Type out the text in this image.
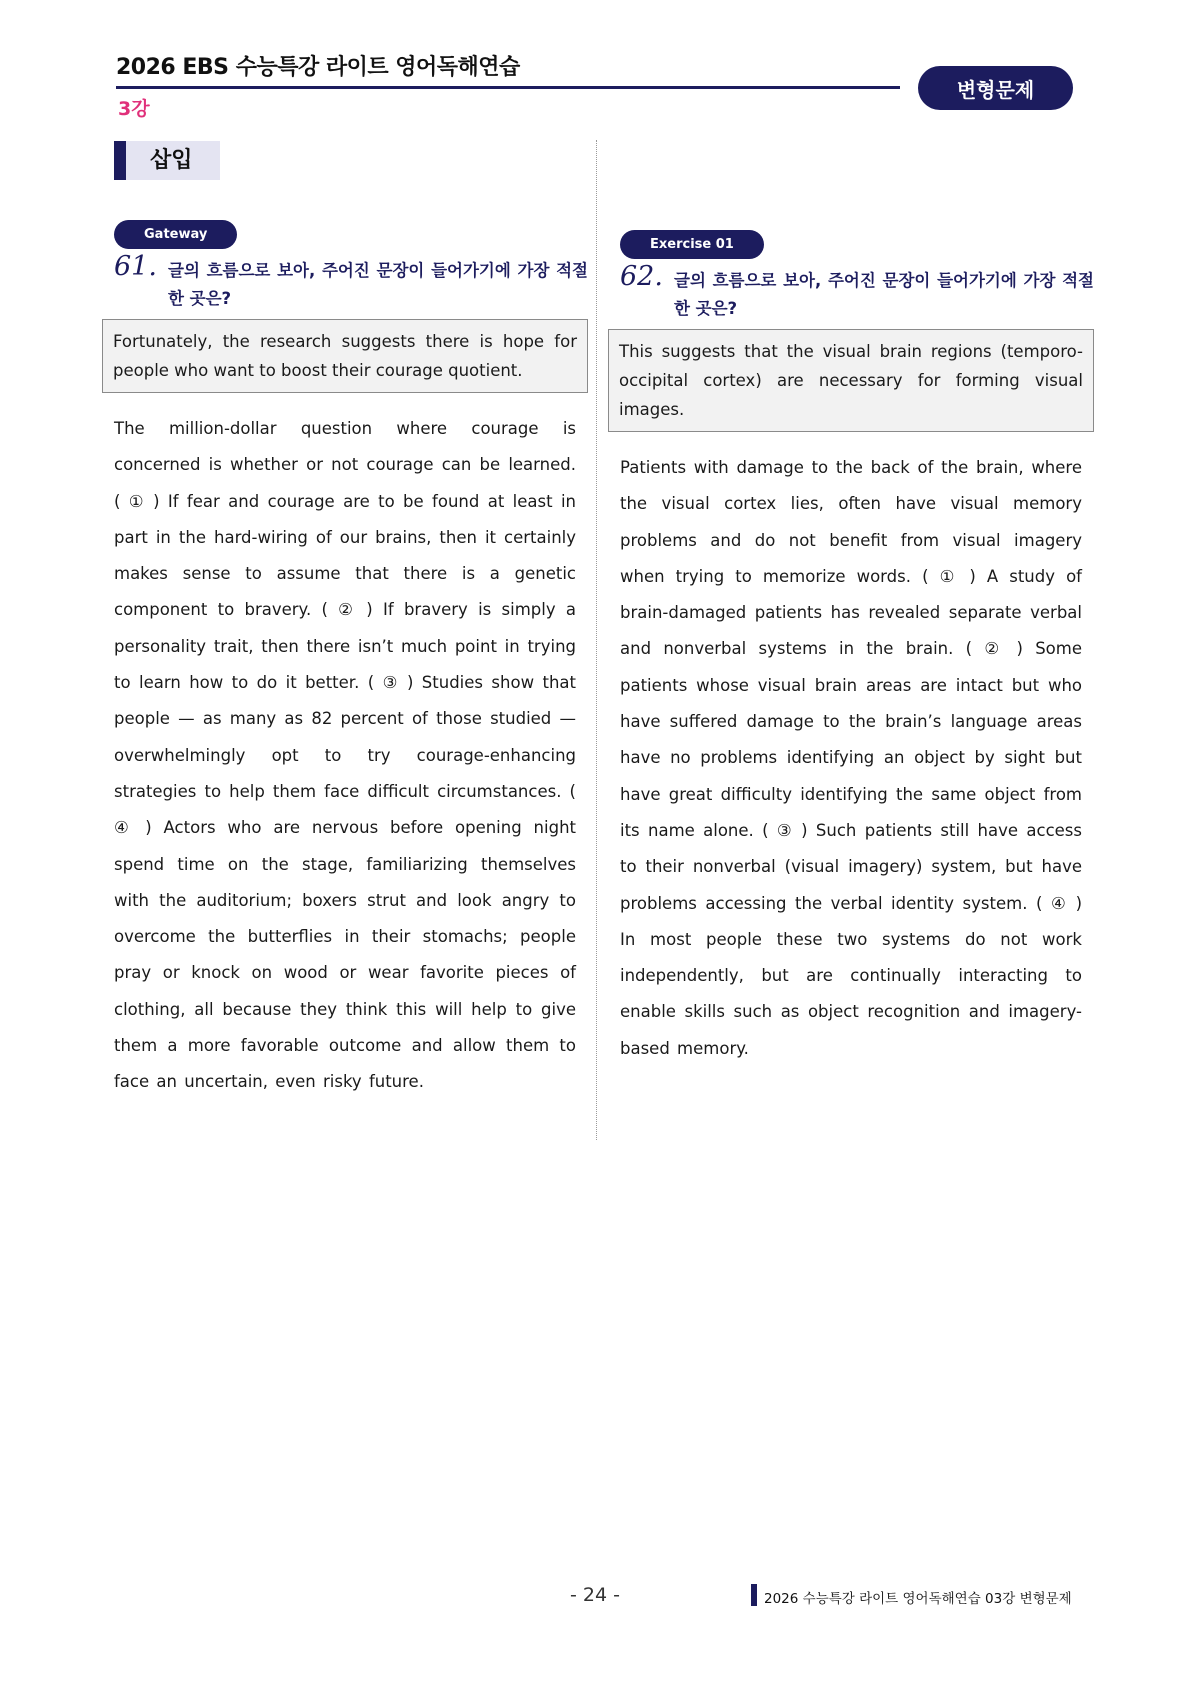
2026 EBS 수능특강 라이트 영어독해연습
3강
변형문제
삽입
Gateway
61. 글의 흐름으로 보아, 주어진 문장이 들어가기에 가장 적절한 곳은?
Fortunately, the research suggests there is hope for people who want to boost their courage quotient.
The million-dollar question where courage is concerned is whether or not courage can be learned. ( ① ) If fear and courage are to be found at least in part in the hard-wiring of our brains, then it certainly makes sense to assume that there is a genetic component to bravery. ( ② ) If bravery is simply a personality trait, then there isn’t much point in trying to learn how to do it better. ( ③ ) Studies show that people — as many as 82 percent of those studied — overwhelmingly opt to try courage-enhancing strategies to help them face difficult circumstances. ( ④ ) Actors who are nervous before opening night spend time on the stage, familiarizing themselves with the auditorium; boxers strut and look angry to overcome the butterflies in their stomachs; people pray or knock on wood or wear favorite pieces of clothing, all because they think this will help to give them a more favorable outcome and allow them to face an uncertain, even risky future.
Exercise 01
62. 글의 흐름으로 보아, 주어진 문장이 들어가기에 가장 적절한 곳은?
This suggests that the visual brain regions (temporo-occipital cortex) are necessary for forming visual images.
Patients with damage to the back of the brain, where the visual cortex lies, often have visual memory problems and do not benefit from visual imagery when trying to memorize words. ( ① ) A study of brain-damaged patients has revealed separate verbal and nonverbal systems in the brain. ( ② ) Some patients whose visual brain areas are intact but who have suffered damage to the brain’s language areas have no problems identifying an object by sight but have great difficulty identifying the same object from its name alone. ( ③ ) Such patients still have access to their nonverbal (visual imagery) system, but have problems accessing the verbal identity system. ( ④ ) In most people these two systems do not work independently, but are continually interacting to enable skills such as object recognition and imagery-based memory.
- 24 -	2026 수능특강 라이트 영어독해연습 03강 변형문제
